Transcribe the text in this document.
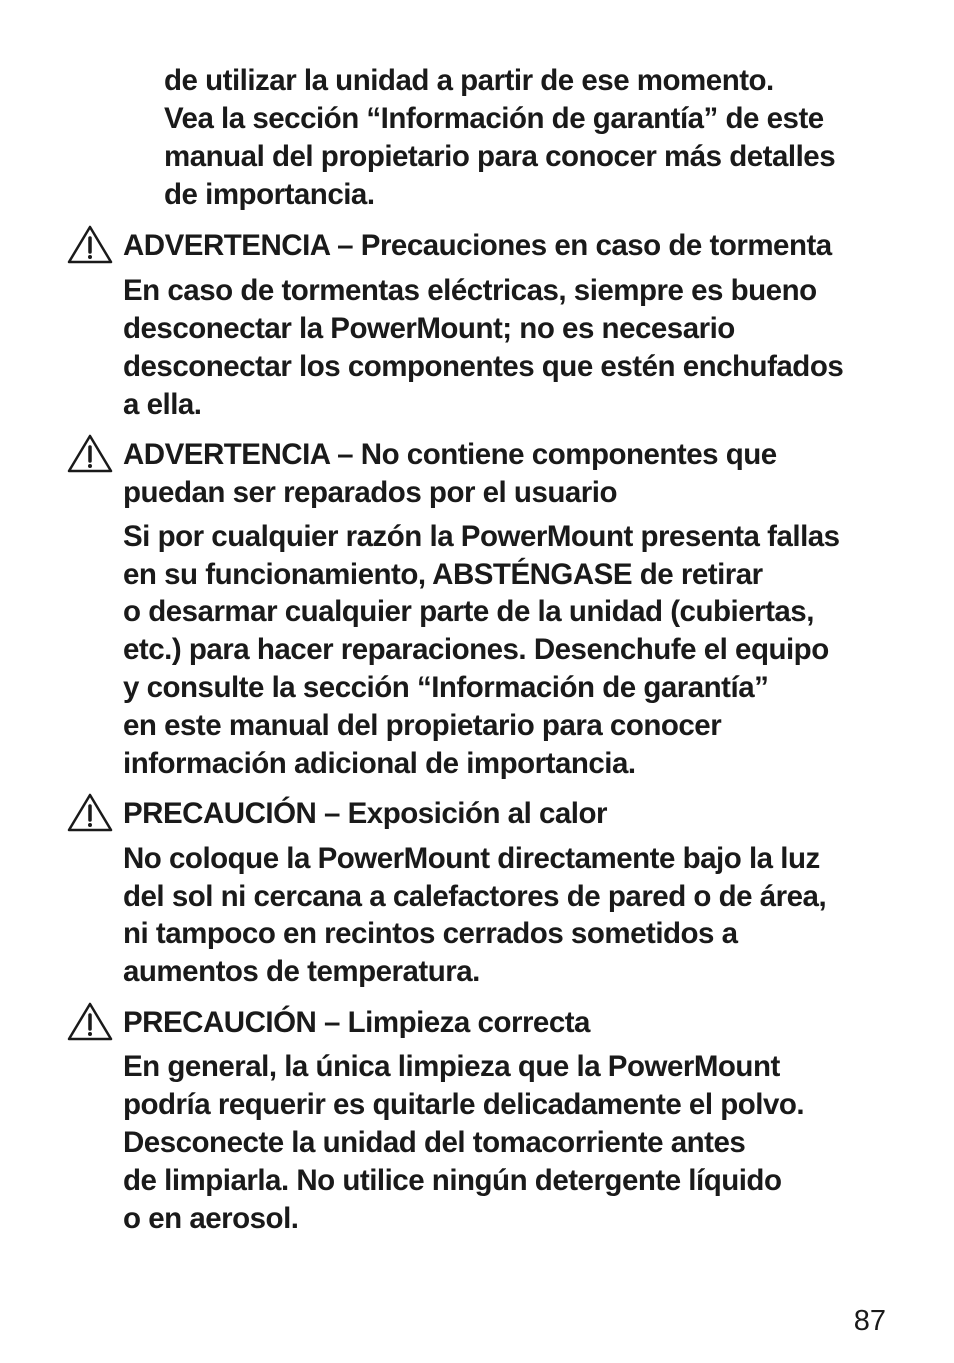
de utilizar la unidad a partir de ese momento.
Vea la sección “Información de garantía” de este
manual del propietario para conocer más detalles
de importancia.
ADVERTENCIA – Precauciones en caso de tormenta
En caso de tormentas eléctricas, siempre es bueno
desconectar la PowerMount; no es necesario
desconectar los componentes que estén enchufados
a ella.
ADVERTENCIA – No contiene componentes que
puedan ser reparados por el usuario
Si por cualquier razón la PowerMount presenta fallas
en su funcionamiento, ABSTÉNGASE de retirar
o desarmar cualquier parte de la unidad (cubiertas,
etc.) para hacer reparaciones. Desenchufe el equipo
y consulte la sección “Información de garantía”
en este manual del propietario para conocer
información adicional de importancia.
PRECAUCIÓN – Exposición al calor
No coloque la PowerMount directamente bajo la luz
del sol ni cercana a calefactores de pared o de área,
ni tampoco en recintos cerrados sometidos a
aumentos de temperatura.
PRECAUCIÓN – Limpieza correcta
En general, la única limpieza que la PowerMount
podría requerir es quitarle delicadamente el polvo.
Desconecte la unidad del tomacorriente antes
de limpiarla. No utilice ningún detergente líquido
o en aerosol.
87
